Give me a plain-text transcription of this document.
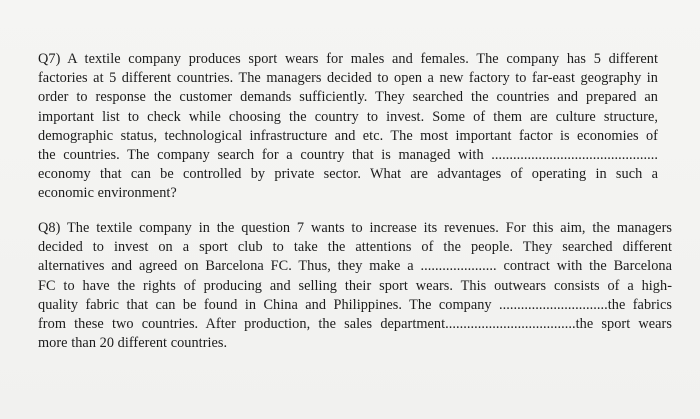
Q7) A textile company produces sport wears for males and females. The company has 5 different
factories at 5 different countries. The managers decided to open a new factory to far-east geography in
order to response the customer demands sufficiently. They searched the countries and prepared an
important list to check while choosing the country to invest. Some of them are culture structure,
demographic status, technological infrastructure and etc. The most important factor is economies of
the countries. The company search for a country that is managed with ..............................................
economy that can be controlled by private sector. What are advantages of operating in such a
economic environment?
Q8) The textile company in the question 7 wants to increase its revenues. For this aim, the managers
decided to invest on a sport club to take the attentions of the people. They searched different
alternatives and agreed on Barcelona FC. Thus, they make a ..................... contract with the Barcelona
FC to have the rights of producing and selling their sport wears. This outwears consists of a high-
quality fabric that can be found in China and Philippines. The company ..............................the fabrics
from these two countries. After production, the sales department....................................the sport wears
more than 20 different countries.
